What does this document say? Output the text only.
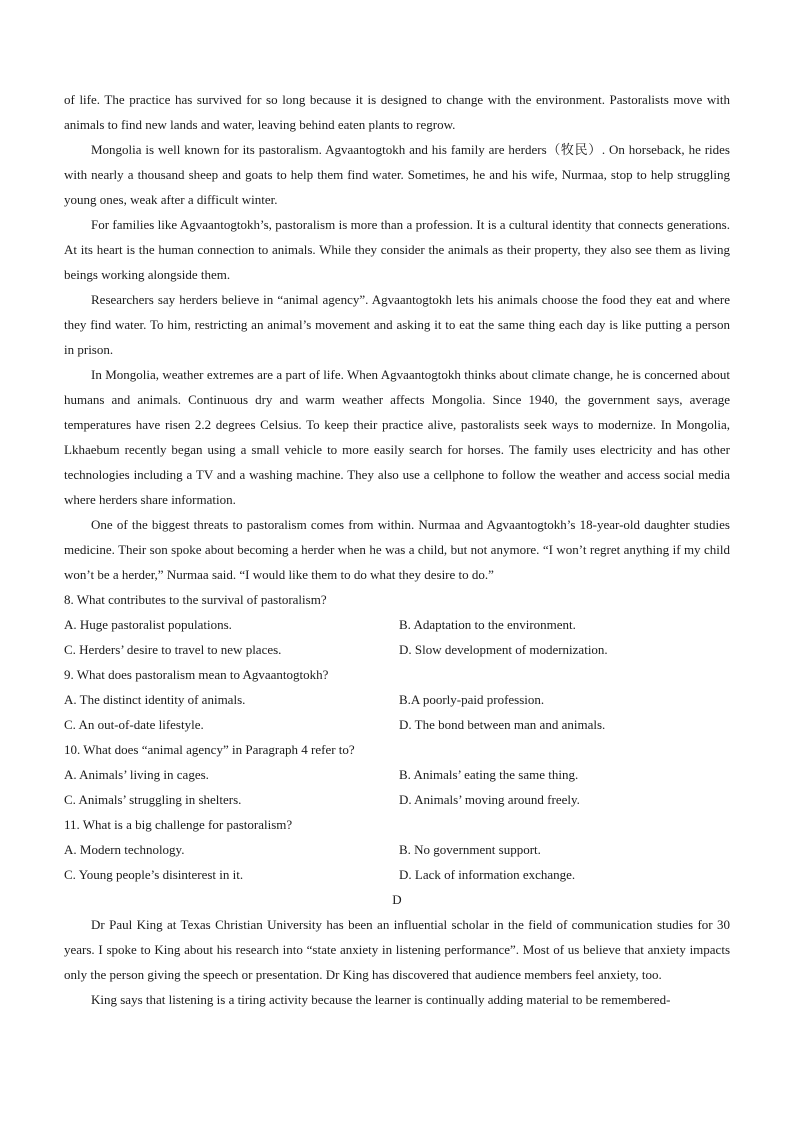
of life. The practice has survived for so long because it is designed to change with the environment. Pastoralists move with animals to find new lands and water, leaving behind eaten plants to regrow.

Mongolia is well known for its pastoralism. Agvaantogtokh and his family are herders（牧民）. On horseback, he rides with nearly a thousand sheep and goats to help them find water. Sometimes, he and his wife, Nurmaa, stop to help struggling young ones, weak after a difficult winter.

For families like Agvaantogtokh’s, pastoralism is more than a profession. It is a cultural identity that connects generations. At its heart is the human connection to animals. While they consider the animals as their property, they also see them as living beings working alongside them.

Researchers say herders believe in “animal agency”. Agvaantogtokh lets his animals choose the food they eat and where they find water. To him, restricting an animal’s movement and asking it to eat the same thing each day is like putting a person in prison.

In Mongolia, weather extremes are a part of life. When Agvaantogtokh thinks about climate change, he is concerned about humans and animals. Continuous dry and warm weather affects Mongolia. Since 1940, the government says, average temperatures have risen 2.2 degrees Celsius. To keep their practice alive, pastoralists seek ways to modernize. In Mongolia, Lkhaebum recently began using a small vehicle to more easily search for horses. The family uses electricity and has other technologies including a TV and a washing machine. They also use a cellphone to follow the weather and access social media where herders share information.

One of the biggest threats to pastoralism comes from within. Nurmaa and Agvaantogtokh’s 18-year-old daughter studies medicine. Their son spoke about becoming a herder when he was a child, but not anymore. “I won’t regret anything if my child won’t be a herder,” Nurmaa said. “I would like them to do what they desire to do.”

8. What contributes to the survival of pastoralism?

A. Huge pastoralist populations.	B. Adaptation to the environment.
C. Herders’ desire to travel to new places.	D. Slow development of modernization.

9. What does pastoralism mean to Agvaantogtokh?

A. The distinct identity of animals.	B.A poorly-paid profession.
C. An out-of-date lifestyle.	D. The bond between man and animals.

10. What does “animal agency” in Paragraph 4 refer to?

A. Animals’ living in cages.	B. Animals’ eating the same thing.
C. Animals’ struggling in shelters.	D. Animals’ moving around freely.

11. What is a big challenge for pastoralism?

A. Modern technology.	B. No government support.
C. Young people’s disinterest in it.	D. Lack of information exchange.

D

Dr Paul King at Texas Christian University has been an influential scholar in the field of communication studies for 30 years. I spoke to King about his research into “state anxiety in listening performance”. Most of us believe that anxiety impacts only the person giving the speech or presentation. Dr King has discovered that audience members feel anxiety, too.

King says that listening is a tiring activity because the learner is continually adding material to be remembered-
